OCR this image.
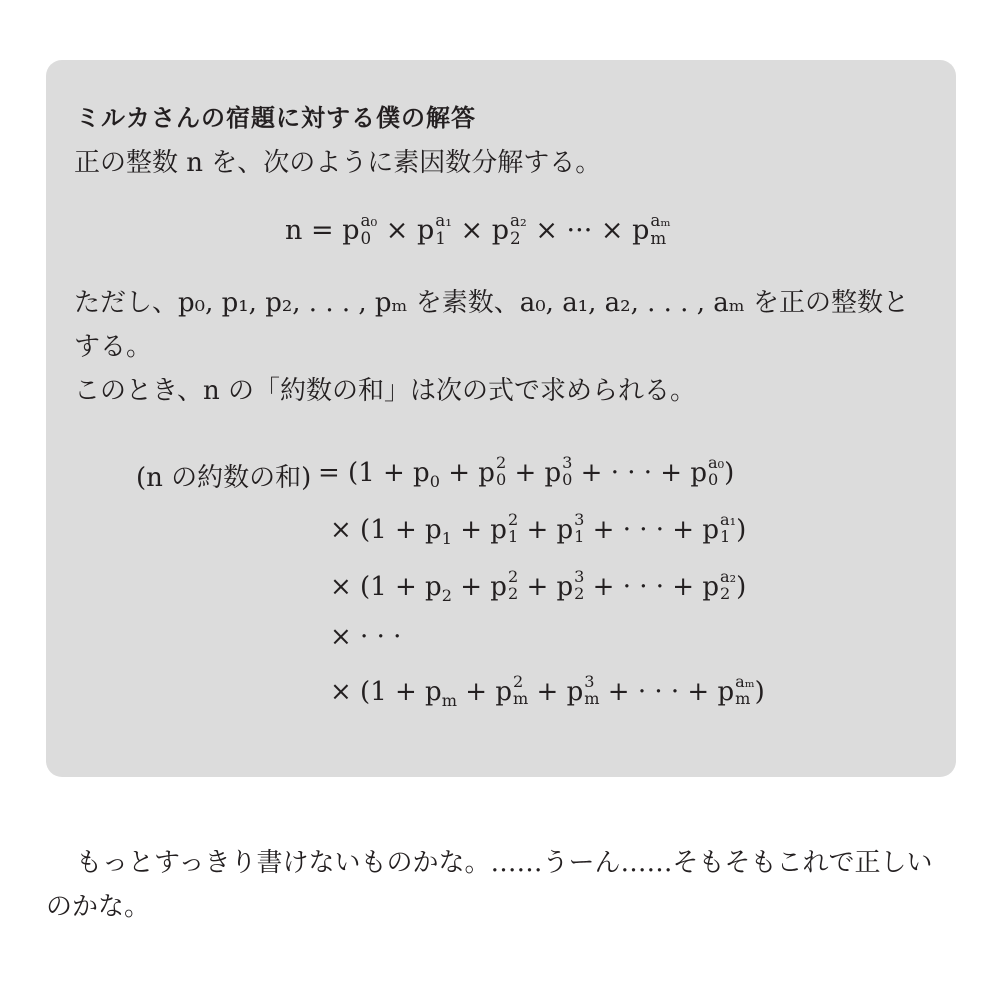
ミルカさんの宿題に対する僕の解答
正の整数 n を、次のように素因数分解する。
n = p a₀
0 × p a₁
1 × p a₂
2 × ··· × p aₘ
m
ただし、p₀, p₁, p₂, . . . , pₘ を素数、a₀, a₁, a₂, . . . , aₘ を正の整数と
する。
このとき、n の「約数の和」は次の式で求められる。
(n の約数の和) = ($1 + p_0 + p$ 2
0 + p 3
0 + · · · + p a₀
0 )
× ($1 + p_1 + p$ 2
1 + p 3
1 + · · · + p a₁
1 )
× ($1 + p_2 + p$ 2
2 + p 3
2 + · · · + p a₂
2 )
× · · ·
× ($1 + p_m + p$ 2
m + p 3
m + · · · + p aₘ
m )
もっとすっきり書けないものかな。……うーん……そもそもこれで正しい
のかな。
